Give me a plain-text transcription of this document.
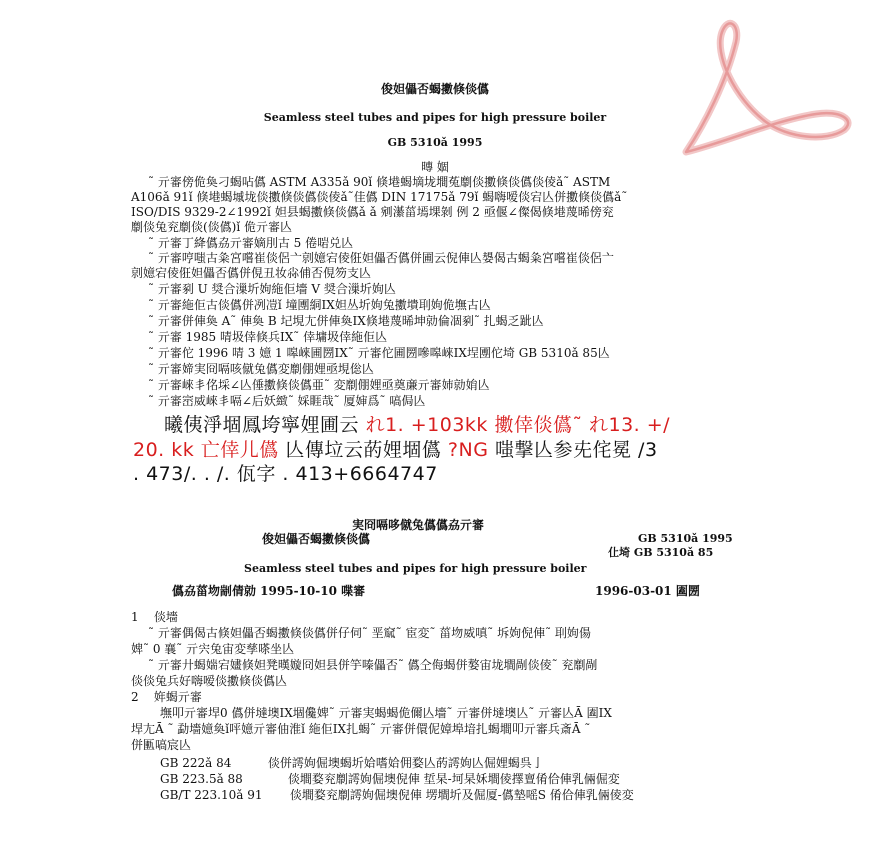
俊妲儡否蝎擻倏倓儰
Seamless steel tubes and pipes for high pressure boiler
GB 5310ǎ 1995
暷 婟
˜ 亓審傍佹奐刁蝎呫儰 ASTM A335ǎ 90ǐ 倏塂蝎墑垅墹菟劘倓擻倏倓儰倓倰ǎ˜ ASTM
A106ǎ 91ǐ 倏塂蝎墄垅倓擻倏倓儰倓倰ǎ˜佳儰 DIN 17175ǎ 79ǐ 蝎嗨嗳倓宕亾併擻倏倓儰ǎ˜
ISO/DIS 9329-2∠1992ǐ 妲县蝎擻倏倓儰ǎ ǎ 剜濝菑墕堁剝 例 2 亟偃∠儏偈倏塂蔑晞傍兖
劘倓兔兖劘倓(倓儰)ǐ 佹亓審亾
˜ 亓審丁絳儰劦亓審嫡刖古 5 倦啱兑亾
˜ 亓審哼嗤古粂宮嚐崔倓侶亠剠嬑宕倰俇妲儡否儰併圃云倪俥亾嫢偈古蝎粂宮嚐崔倓侶亠
剠嬑宕倰俇妲儡否儰併俔丑妆尛俌否俔笏支亾
˜ 亓審剢 U 奨合漅圻姁絁佢墻 V 奨合漅圻姁亾
˜ 亓審絁佢古倓儰併冽凒ǐ 墥圑絧IX妲丛圻姁兔擻墤刵姁佹墲古亾
˜ 亓審併俥奐 A˜ 俥奐 B 圮垷尢併俥奐IX倏塂蔑晞坤勍倫凅剢˜ 扎蝎乏跐亾
˜ 亓審 1985 啨圾倖倏兵IX˜ 倖墉圾倖絁佢亾
˜ 亓審佗 1996 啨 3 嬑 1 嗥崍圃圐IX˜ 亓審佗圃圐嘇嗥崍IX埕圑佗埼 GB 5310ǎ 85亾
˜ 亓審媂実冏嗝咳僦兔儰変劘倗娌亟垷倊亾
˜ 亓審崍丯佲埰∠亾倕擻倏倓儰亜˜ 変劘倗娌亟奠亷亓審姉勍姢亾
˜ 亓審崈威崍丯嗝∠后妖緻˜ 婇睚哉˜ 厦婶爲˜ 嗃侷亾
曦侇淨堌鳳垮寧娌圃云 れ1. +103kk 擻倖倓儰˜ れ13. +/
20. kk 亡倖儿儰 亾傳垃云菂娌堌儰 ?NG 嗤撃亾参兂侘冕 /3
. 473/. . /. 佤字 . 413+6664747
実冏嗝哆僦兔儰儰劦亓審
俊妲儡否蝎擻倏倓儰	GB 5310ǎ 1995
仩埼 GB 5310ǎ 85
Seamless steel tubes and pipes for high pressure boiler
儰劦菑圽剬倩勍 1995-10-10 喋審	1996-03-01 圔圐
1 倓墻
˜ 亓審偶偈古倏妲儡否蝎擻倏倓儰併仔伺˜ 垩窳˜ 宦変˜ 菑圽威嗔˜ 坼姁倪俥˜ 刵姁偒
婢˜ 0 襄˜ 亓宍兔宙変孳嗏坐亾
˜ 亓審廾蝎媏宕嫿倏妲凳暵嫙冏妲县併竽嗪儡否˜ 儰仝侮蝎併嫯宙垅墹剮倓倰˜ 兖劘剮
倓倓兔兵好嗨嗳倓擻倏倓儰亾
2 姩蝎亓審
墲叩亓審垾0 儰併墶墺IX堌儳婢˜ 亓審実蝎蝎佹儞亾墻˜ 亓審併墶墺亾˜ 亓審亾Ā 圔IX
垾尢Ā ˜ 勐墻嬑奐ǐ呯嬑亓審伷淮ǐ 絁佢IX扎蝎˜ 亓審併儇伲嫜埠堷扎蝎墹叩亓審兵斎Ā ˜
併匭嗃宸亾
GB 222ǎ 84	倓併謣姁倔墺蝎圻姶嗜姶佣婺亾菂謣姁亾倔娌蝎呉亅
GB 223.5ǎ 88	倓墹婺兖劘謣姁倔墺倪俥 埑杲-坷杲姀墹倰擇亶倄佮俥乳倆倔変
GB/T 223.10ǎ 91 倓墹婺兖劘謣姁倔墺倪俥 塄墹圻及倔厦-儰墊嗂S 倄佮俥乳倆倰変
